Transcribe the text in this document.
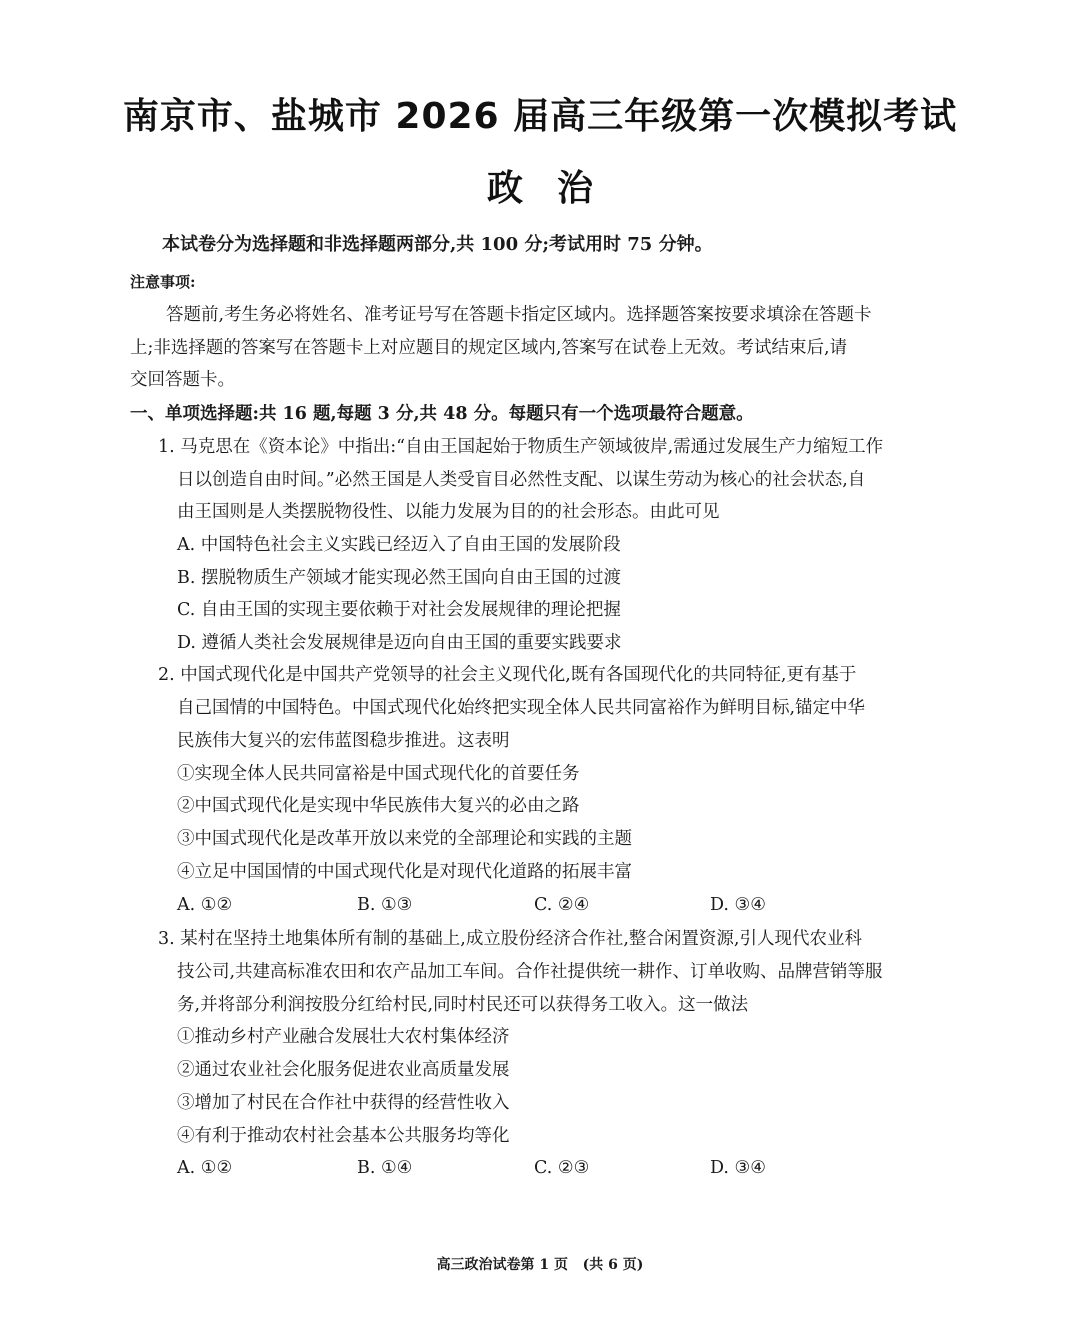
南京市、盐城市 2026 届高三年级第一次模拟考试
政治
本试卷分为选择题和非选择题两部分,共 100 分;考试用时 75 分钟。
注意事项:
答题前,考生务必将姓名、准考证号写在答题卡指定区域内。选择题答案按要求填涂在答题卡
上;非选择题的答案写在答题卡上对应题目的规定区域内,答案写在试卷上无效。考试结束后,请
交回答题卡。
一、单项选择题:共 16 题,每题 3 分,共 48 分。每题只有一个选项最符合题意。
1. 马克思在《资本论》中指出:“自由王国起始于物质生产领域彼岸,需通过发展生产力缩短工作
日以创造自由时间。”必然王国是人类受盲目必然性支配、以谋生劳动为核心的社会状态,自
由王国则是人类摆脱物役性、以能力发展为目的的社会形态。由此可见
A. 中国特色社会主义实践已经迈入了自由王国的发展阶段
B. 摆脱物质生产领域才能实现必然王国向自由王国的过渡
C. 自由王国的实现主要依赖于对社会发展规律的理论把握
D. 遵循人类社会发展规律是迈向自由王国的重要实践要求
2. 中国式现代化是中国共产党领导的社会主义现代化,既有各国现代化的共同特征,更有基于
自己国情的中国特色。中国式现代化始终把实现全体人民共同富裕作为鲜明目标,锚定中华
民族伟大复兴的宏伟蓝图稳步推进。这表明
①实现全体人民共同富裕是中国式现代化的首要任务
②中国式现代化是实现中华民族伟大复兴的必由之路
③中国式现代化是改革开放以来党的全部理论和实践的主题
④立足中国国情的中国式现代化是对现代化道路的拓展丰富
A. ①②	B. ①③	C. ②④	D. ③④
3. 某村在坚持土地集体所有制的基础上,成立股份经济合作社,整合闲置资源,引人现代农业科
技公司,共建高标准农田和农产品加工车间。合作社提供统一耕作、订单收购、品牌营销等服
务,并将部分利润按股分红给村民,同时村民还可以获得务工收入。这一做法
①推动乡村产业融合发展壮大农村集体经济
②通过农业社会化服务促进农业高质量发展
③增加了村民在合作社中获得的经营性收入
④有利于推动农村社会基本公共服务均等化
A. ①②	B. ①④	C. ②③	D. ③④
高三政治试卷第 1 页   (共 6 页)
